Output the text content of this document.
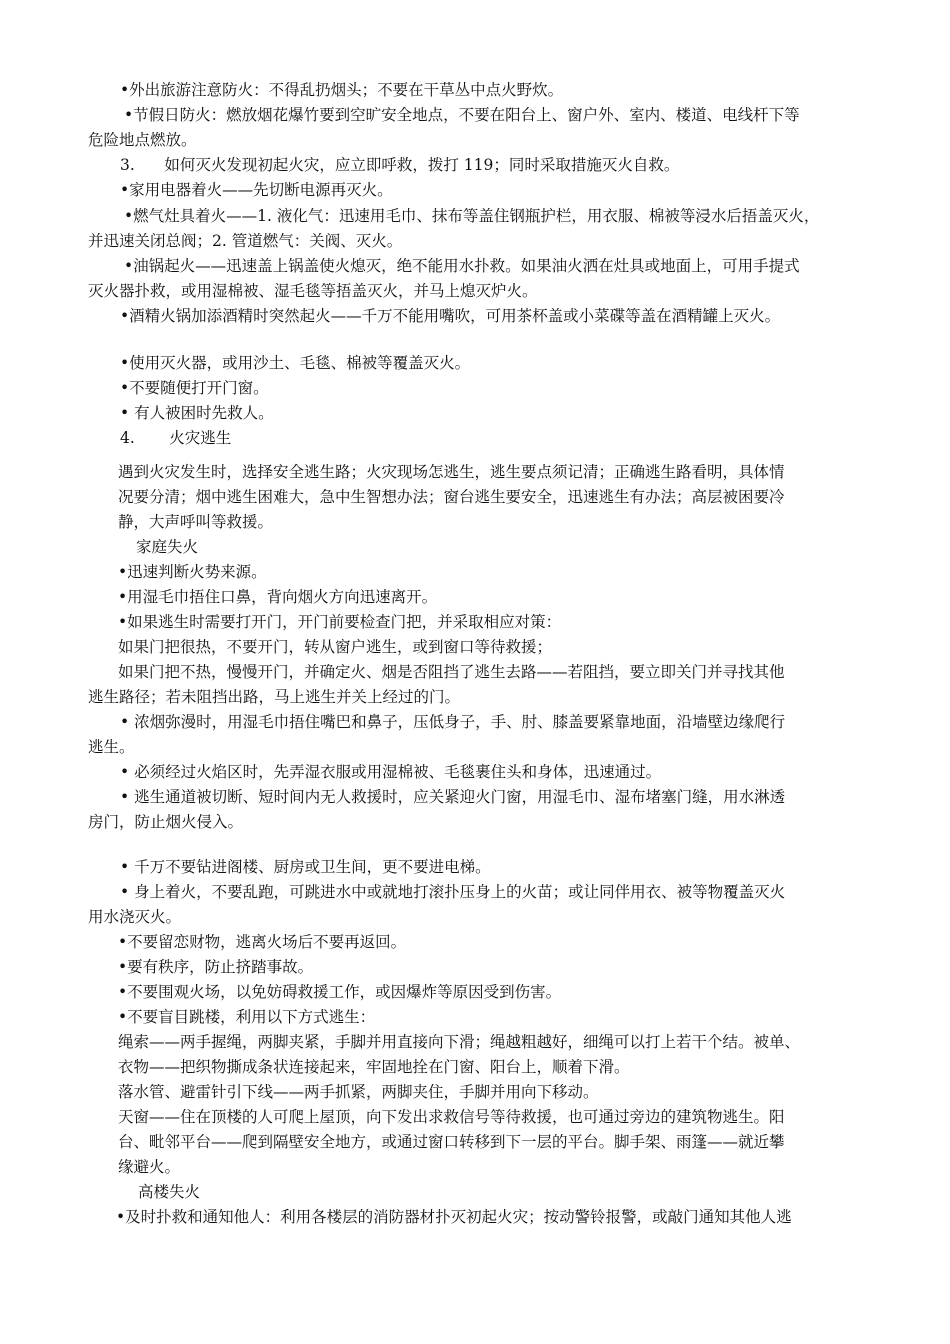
•外出旅游注意防火：不得乱扔烟头；不要在干草丛中点火野炊。
•节假日防火：燃放烟花爆竹要到空旷安全地点，不要在阳台上、窗户外、室内、楼道、电线杆下等
危险地点燃放。
3.      如何灭火发现初起火灾，应立即呼救，拨打 119；同时采取措施灭火自救。
•家用电器着火——先切断电源再灭火。
•燃气灶具着火——1. 液化气：迅速用毛巾、抹布等盖住钢瓶护栏，用衣服、棉被等浸水后捂盖灭火，
并迅速关闭总阀；2. 管道燃气：关阀、灭火。
•油锅起火——迅速盖上锅盖使火熄灭，绝不能用水扑救。如果油火洒在灶具或地面上，可用手提式
灭火器扑救，或用湿棉被、湿毛毯等捂盖灭火，并马上熄灭炉火。
•酒精火锅加添酒精时突然起火——千万不能用嘴吹，可用茶杯盖或小菜碟等盖在酒精罐上灭火。
•使用灭火器，或用沙土、毛毯、棉被等覆盖灭火。
•不要随便打开门窗。
• 有人被困时先救人。
4.       火灾逃生
遇到火灾发生时，选择安全逃生路；火灾现场怎逃生，逃生要点须记清；正确逃生路看明，具体情
况要分清；烟中逃生困难大，急中生智想办法；窗台逃生要安全，迅速逃生有办法；高层被困要冷
静，大声呼叫等救援。
家庭失火
•迅速判断火势来源。
•用湿毛巾捂住口鼻，背向烟火方向迅速离开。
•如果逃生时需要打开门，开门前要检查门把，并采取相应对策：
如果门把很热，不要开门，转从窗户逃生，或到窗口等待救援；
如果门把不热，慢慢开门，并确定火、烟是否阻挡了逃生去路——若阻挡，要立即关门并寻找其他
逃生路径；若未阻挡出路，马上逃生并关上经过的门。
• 浓烟弥漫时，用湿毛巾捂住嘴巴和鼻子，压低身子，手、肘、膝盖要紧靠地面，沿墙壁边缘爬行
逃生。
• 必须经过火焰区时，先弄湿衣服或用湿棉被、毛毯裹住头和身体，迅速通过。
• 逃生通道被切断、短时间内无人救援时，应关紧迎火门窗，用湿毛巾、湿布堵塞门缝，用水淋透
房门，防止烟火侵入。
• 千万不要钻进阁楼、厨房或卫生间，更不要进电梯。
• 身上着火，不要乱跑，可跳进水中或就地打滚扑压身上的火苗；或让同伴用衣、被等物覆盖灭火
用水浇灭火。
•不要留恋财物，逃离火场后不要再返回。
•要有秩序，防止挤踏事故。
•不要围观火场，以免妨碍救援工作，或因爆炸等原因受到伤害。
•不要盲目跳楼，利用以下方式逃生：
绳索——两手握绳，两脚夹紧，手脚并用直接向下滑；绳越粗越好，细绳可以打上若干个结。被单、
衣物——把织物撕成条状连接起来，牢固地拴在门窗、阳台上，顺着下滑。
落水管、避雷针引下线——两手抓紧，两脚夹住，手脚并用向下移动。
天窗——住在顶楼的人可爬上屋顶，向下发出求救信号等待救援，也可通过旁边的建筑物逃生。阳
台、毗邻平台——爬到隔壁安全地方，或通过窗口转移到下一层的平台。脚手架、雨篷——就近攀
缘避火。
高楼失火
•及时扑救和通知他人：利用各楼层的消防器材扑灭初起火灾；按动警铃报警，或敲门通知其他人逃
